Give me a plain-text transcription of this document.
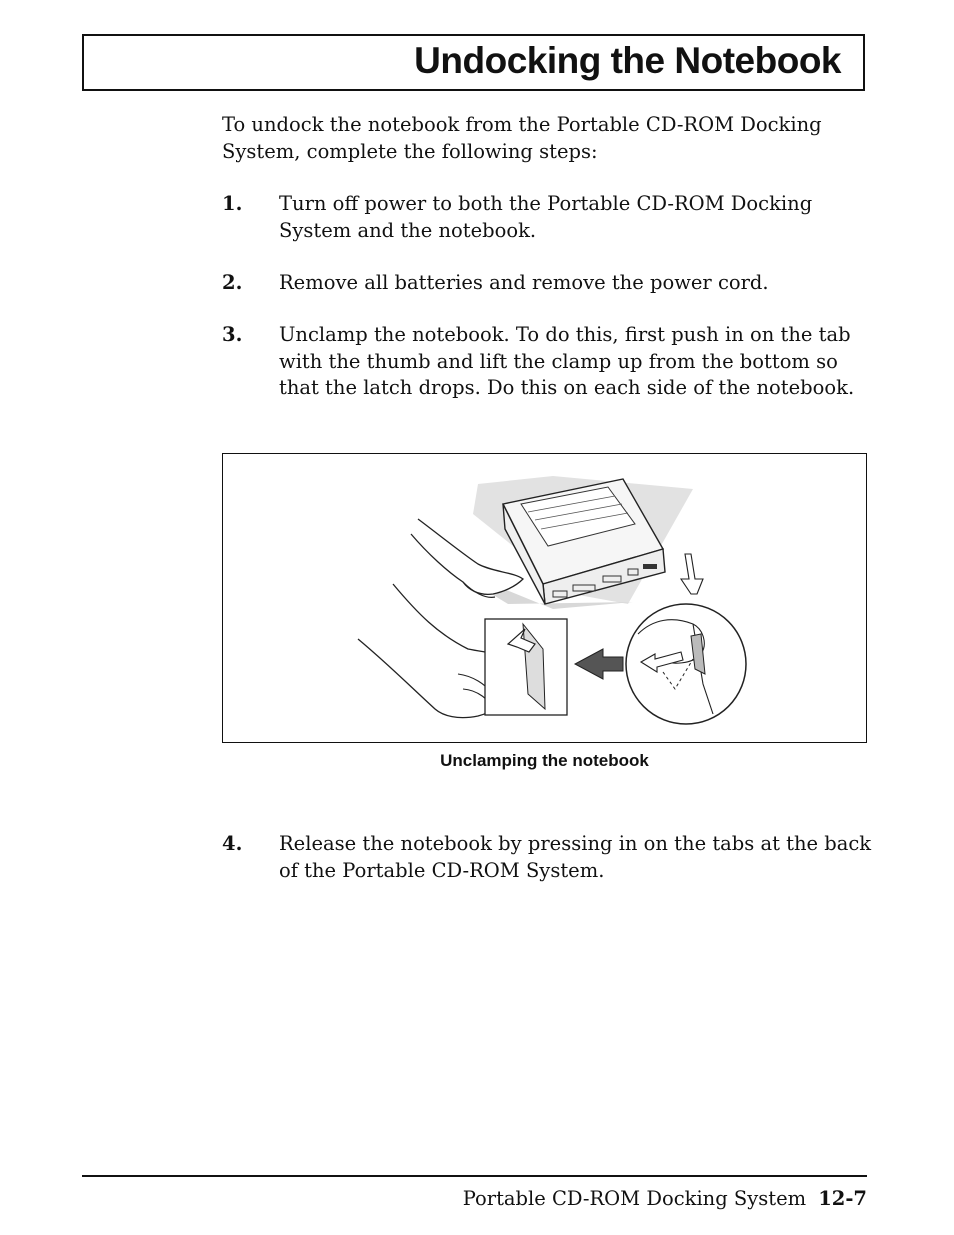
Undocking the Notebook
To undock the notebook from the Portable CD-ROM Docking System, complete the following steps:
1. Turn off power to both the Portable CD-ROM Docking System and the notebook.
2. Remove all batteries and remove the power cord.
3. Unclamp the notebook. To do this, first push in on the tab with the thumb and lift the clamp up from the bottom so that the latch drops. Do this on each side of the notebook.
Unclamping the notebook
4. Release the notebook by pressing in on the tabs at the back of the Portable CD-ROM System.
Portable CD-ROM Docking System 12-7
